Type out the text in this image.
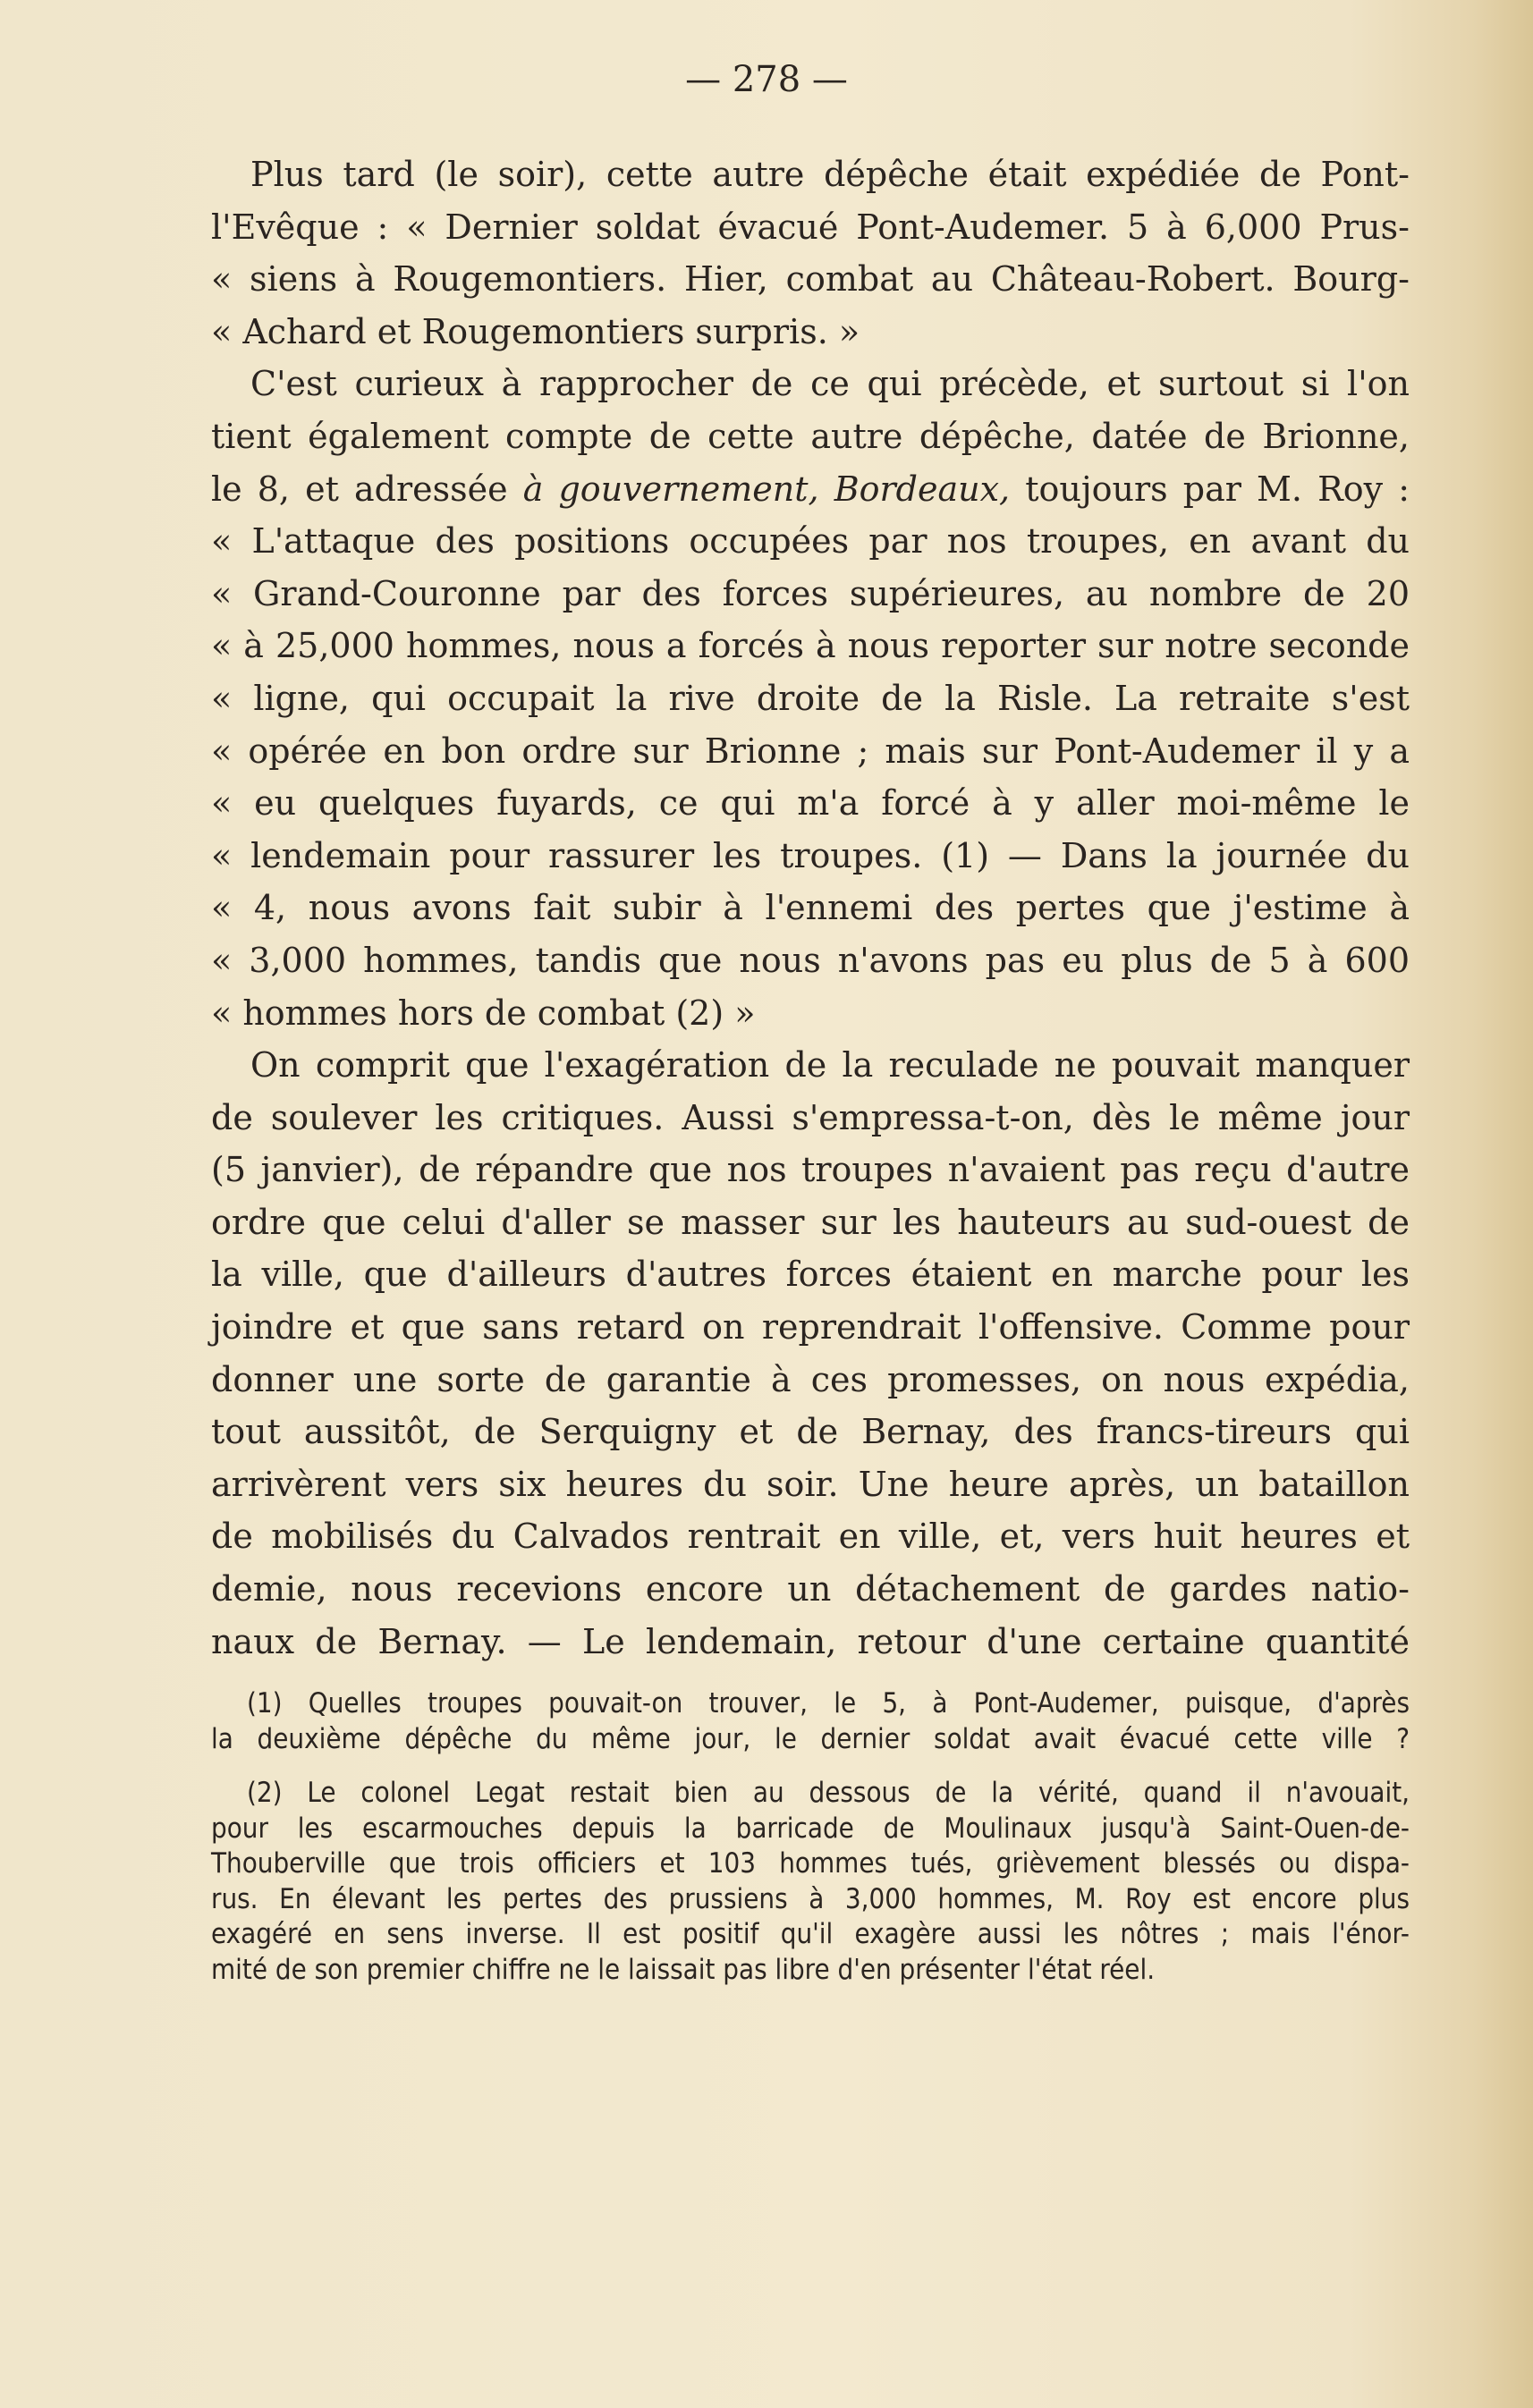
— 278 —
Plus tard (le soir), cette autre dépêche était expédiée de Pont-
l'Evêque : « Dernier soldat évacué Pont-Audemer. 5 à 6,000 Prus-
« siens à Rougemontiers. Hier, combat au Château-Robert. Bourg-
« Achard et Rougemontiers surpris. »
C'est curieux à rapprocher de ce qui précède, et surtout si l'on
tient également compte de cette autre dépêche, datée de Brionne,
le 8, et adressée à gouvernement, Bordeaux, toujours par M. Roy :
« L'attaque des positions occupées par nos troupes, en avant du
« Grand-Couronne par des forces supérieures, au nombre de 20
« à 25,000 hommes, nous a forcés à nous reporter sur notre seconde
« ligne, qui occupait la rive droite de la Risle. La retraite s'est
« opérée en bon ordre sur Brionne ; mais sur Pont-Audemer il y a
« eu quelques fuyards, ce qui m'a forcé à y aller moi-même le
« lendemain pour rassurer les troupes. (1) — Dans la journée du
« 4, nous avons fait subir à l'ennemi des pertes que j'estime à
« 3,000 hommes, tandis que nous n'avons pas eu plus de 5 à 600
« hommes hors de combat (2) »
On comprit que l'exagération de la reculade ne pouvait manquer
de soulever les critiques. Aussi s'empressa-t-on, dès le même jour
(5 janvier), de répandre que nos troupes n'avaient pas reçu d'autre
ordre que celui d'aller se masser sur les hauteurs au sud-ouest de
la ville, que d'ailleurs d'autres forces étaient en marche pour les
joindre et que sans retard on reprendrait l'offensive. Comme pour
donner une sorte de garantie à ces promesses, on nous expédia,
tout aussitôt, de Serquigny et de Bernay, des francs-tireurs qui
arrivèrent vers six heures du soir. Une heure après, un bataillon
de mobilisés du Calvados rentrait en ville, et, vers huit heures et
demie, nous recevions encore un détachement de gardes natio-
naux de Bernay. — Le lendemain, retour d'une certaine quantité
(1) Quelles troupes pouvait-on trouver, le 5, à Pont-Audemer, puisque, d'après
la deuxième dépêche du même jour, le dernier soldat avait évacué cette ville ?
(2) Le colonel Legat restait bien au dessous de la vérité, quand il n'avouait,
pour les escarmouches depuis la barricade de Moulinaux jusqu'à Saint-Ouen-de-
Thouberville que trois officiers et 103 hommes tués, grièvement blessés ou dispa-
rus. En élevant les pertes des prussiens à 3,000 hommes, M. Roy est encore plus
exagéré en sens inverse. Il est positif qu'il exagère aussi les nôtres ; mais l'énor-
mité de son premier chiffre ne le laissait pas libre d'en présenter l'état réel.
